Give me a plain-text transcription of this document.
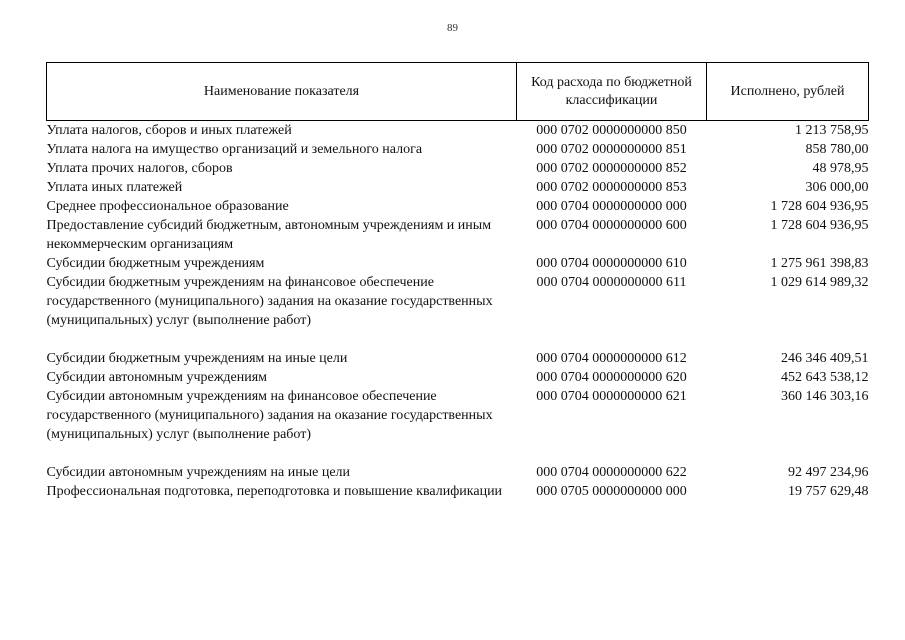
89
Наименование показателя	Код расхода по бюджетной классификации	Исполнено, рублей
Уплата налогов, сборов и иных платежей	000 0702 0000000000 850	1 213 758,95
Уплата налога на имущество организаций и земельного налога	000 0702 0000000000 851	858 780,00
Уплата прочих налогов, сборов	000 0702 0000000000 852	48 978,95
Уплата иных платежей	000 0702 0000000000 853	306 000,00
Среднее профессиональное образование	000 0704 0000000000 000	1 728 604 936,95
Предоставление субсидий бюджетным, автономным учреждениям и иным некоммерческим организациям	000 0704 0000000000 600	1 728 604 936,95
Субсидии бюджетным учреждениям	000 0704 0000000000 610	1 275 961 398,83
Субсидии бюджетным учреждениям на финансовое обеспечение государственного (муниципального) задания на оказание государственных (муниципальных) услуг (выполнение работ)	000 0704 0000000000 611	1 029 614 989,32

Субсидии бюджетным учреждениям на иные цели	000 0704 0000000000 612	246 346 409,51
Субсидии автономным учреждениям	000 0704 0000000000 620	452 643 538,12
Субсидии автономным учреждениям на финансовое обеспечение государственного (муниципального) задания на оказание государственных (муниципальных) услуг (выполнение работ)	000 0704 0000000000 621	360 146 303,16

Субсидии автономным учреждениям на иные цели	000 0704 0000000000 622	92 497 234,96
Профессиональная подготовка, переподготовка и повышение квалификации	000 0705 0000000000 000	19 757 629,48
